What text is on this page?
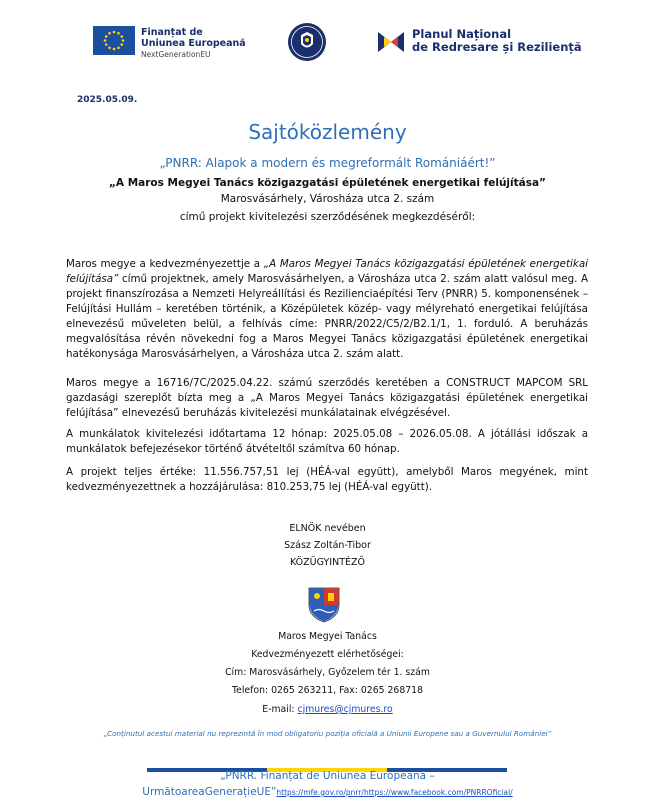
Finanțat de
Uniunea Europeană
NextGenerationEU
Planul Național
de Redresare și Reziliență
2025.05.09.
Sajtóközlemény
„PNRR: Alapok a modern és megreformált Romániáért!”
„A Maros Megyei Tanács közigazgatási épületének energetikai felújítása”
Marosvásárhely, Városháza utca 2. szám
című projekt kivitelezési szerződésének megkezdéséről:
Maros megye a kedvezményezettje a „A Maros Megyei Tanács közigazgatási épületének energetikai felújítása” című projektnek, amely Marosvásárhelyen, a Városháza utca 2. szám alatt valósul meg. A projekt finanszírozása a Nemzeti Helyreállítási és Rezilienciaépítési Terv (PNRR) 5. komponensének – Felújítási Hullám – keretében történik, a Középületek közép- vagy mélyreható energetikai felújítása elnevezésű műveleten belül, a felhívás címe: PNRR/2022/C5/2/B2.1/1, 1. forduló. A beruházás megvalósítása révén növekedni fog a Maros Megyei Tanács közigazgatási épületének energetikai hatékonysága Marosvásárhelyen, a Városháza utca 2. szám alatt.
Maros megye a 16716/7C/2025.04.22. számú szerződés keretében a CONSTRUCT MAPCOM SRL gazdasági szereplőt bízta meg a „A Maros Megyei Tanács közigazgatási épületének energetikai felújítása” elnevezésű beruházás kivitelezési munkálatainak elvégzésével.
A munkálatok kivitelezési időtartama 12 hónap: 2025.05.08 – 2026.05.08. A jótállási időszak a munkálatok befejezésekor történő átvételtől számítva 60 hónap.
A projekt teljes értéke: 11.556.757,51 lej (HÉÁ-val együtt), amelyből Maros megyének, mint kedvezményezettnek a hozzájárulása: 810.253,75 lej (HÉÁ-val együtt).
ELNÖK nevében
Szász Zoltán-Tibor
KÖZÜGYINTÉZŐ
Maros Megyei Tanács
Kedvezményezett elérhetőségei:
Cím: Marosvásárhely, Győzelem tér 1. szám
Telefon: 0265 263211, Fax: 0265 268718
E-mail: cjmures@cjmures.ro
„Conținutul acestui material nu reprezintă în mod obligatoriu poziția oficială a Uniunii Europene sau a Guvernului României”
„PNRR. Finanțat de Uniunea Europeană –
UrmătoareaGenerațieUE”https://mfe.gov.ro/pnrr/https://www.facebook.com/PNRROficial/
